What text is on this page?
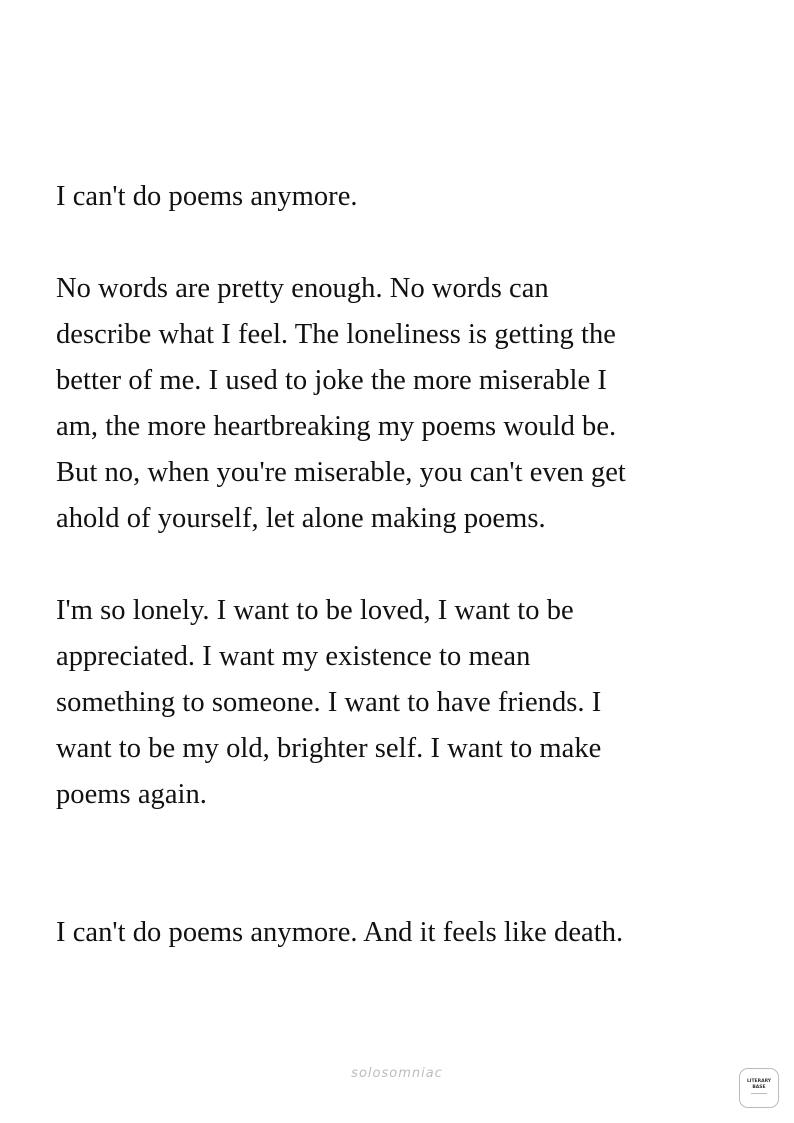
I can't do poems anymore.
No words are pretty enough. No words can
describe what I feel. The loneliness is getting the
better of me. I used to joke the more miserable I
am, the more heartbreaking my poems would be.
But no, when you're miserable, you can't even get
ahold of yourself, let alone making poems.
I'm so lonely. I want to be loved, I want to be
appreciated. I want my existence to mean
something to someone. I want to have friends. I
want to be my old, brighter self. I want to make
poems again.
I can't do poems anymore. And it feels like death.
solosomniac
LITERARY
BASE
